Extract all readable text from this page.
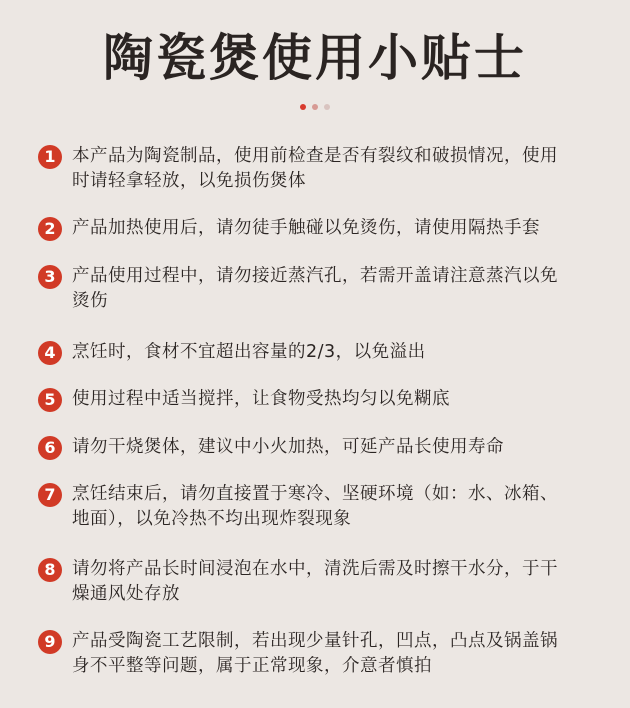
陶瓷煲使用小贴士
1 本产品为陶瓷制品，使用前检查是否有裂纹和破损情况，使用
时请轻拿轻放，以免损伤煲体
2 产品加热使用后，请勿徒手触碰以免烫伤，请使用隔热手套
3 产品使用过程中，请勿接近蒸汽孔，若需开盖请注意蒸汽以免
烫伤
4 烹饪时，食材不宜超出容量的2/3，以免溢出
5 使用过程中适当搅拌，让食物受热均匀以免糊底
6 请勿干烧煲体，建议中小火加热，可延产品长使用寿命
7 烹饪结束后，请勿直接置于寒冷、坚硬环境（如：水、冰箱、
地面），以免冷热不均出现炸裂现象
8 请勿将产品长时间浸泡在水中，清洗后需及时擦干水分，于干
燥通风处存放
9 产品受陶瓷工艺限制，若出现少量针孔，凹点，凸点及锅盖锅
身不平整等问题，属于正常现象，介意者慎拍
